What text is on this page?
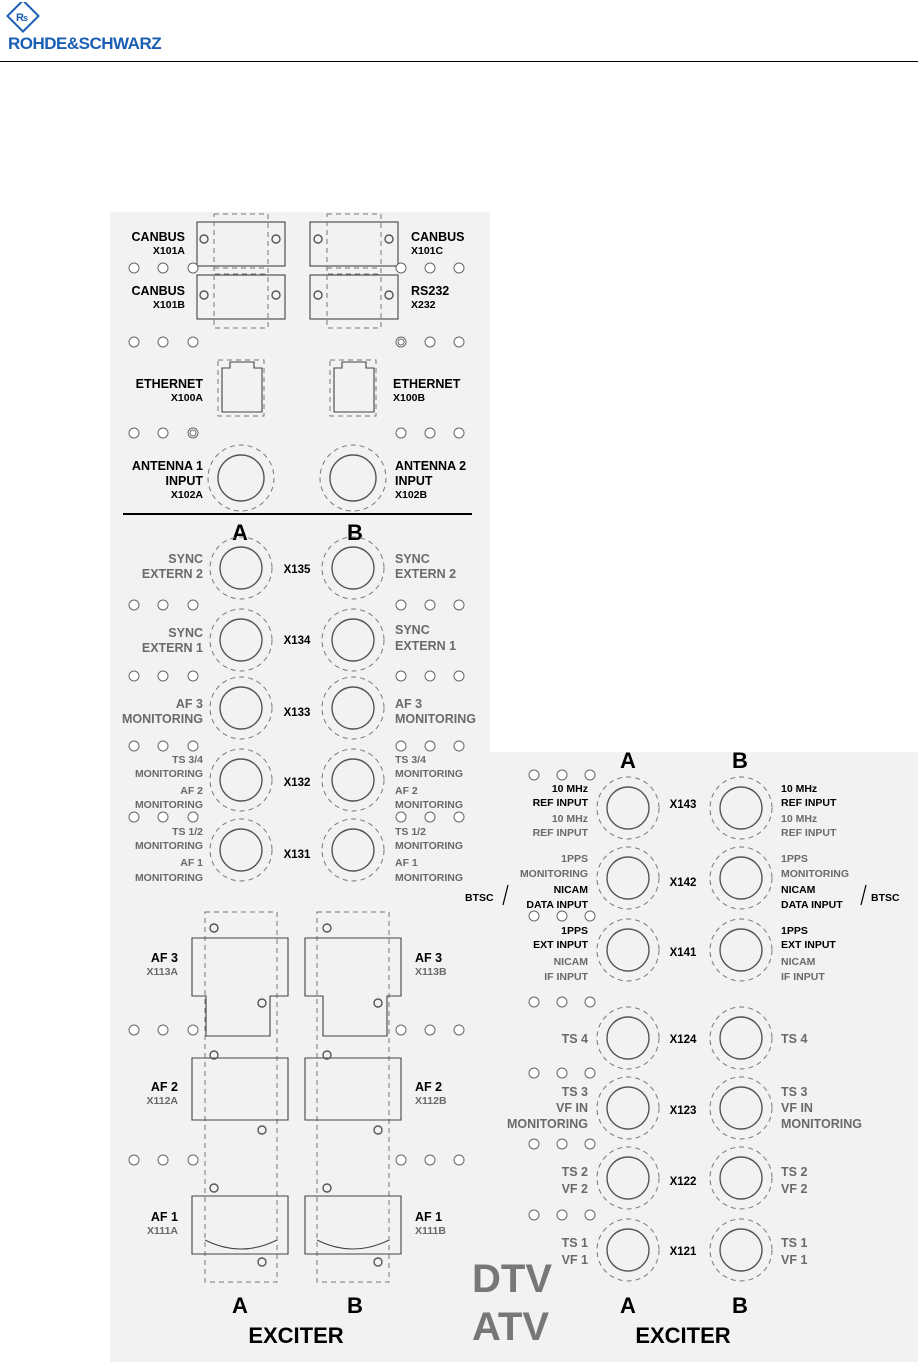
R s
ROHDE&SCHWARZ
CANBUS
X101A
CANBUS
X101B
CANBUS
X101C
RS232
X232
ETHERNET
X100A
ETHERNET
X100B
ANTENNA 1
INPUT
X102A
ANTENNA 2
INPUT
X102B
A	B
X135
SYNC
EXTERN 2
SYNC
EXTERN 2
X134
SYNC
EXTERN 1
SYNC
EXTERN 1
X133
AF 3
MONITORING
AF 3
MONITORING
X132
TS 3/4
MONITORING
AF 2
MONITORING
TS 3/4
MONITORING
AF 2
MONITORING
X131
TS 1/2
MONITORING
AF 1
MONITORING
TS 1/2
MONITORING
AF 1
MONITORING
AF 3
X113A
AF 3
X113B
AF 2
X112A
AF 2
X112B
AF 1
X111A
AF 1
X111B
A	B
EXCITER
A	B
X143
10 MHz
REF INPUT
10 MHz
REF INPUT
10 MHz
REF INPUT
10 MHz
REF INPUT
X142
1PPS
MONITORING
NICAM
DATA INPUT
1PPS
MONITORING
NICAM
DATA INPUT
BTSC	BTSC
X141
1PPS
EXT INPUT
NICAM
IF INPUT
1PPS
EXT INPUT
NICAM
IF INPUT
X124
TS 4	TS 4
X123
TS 3
VF IN
MONITORING
TS 3
VF IN
MONITORING
X122
TS 2
VF 2
TS 2
VF 2
X121
TS 1
VF 1
TS 1
VF 1
DTV
ATV	A	B
EXCITER
